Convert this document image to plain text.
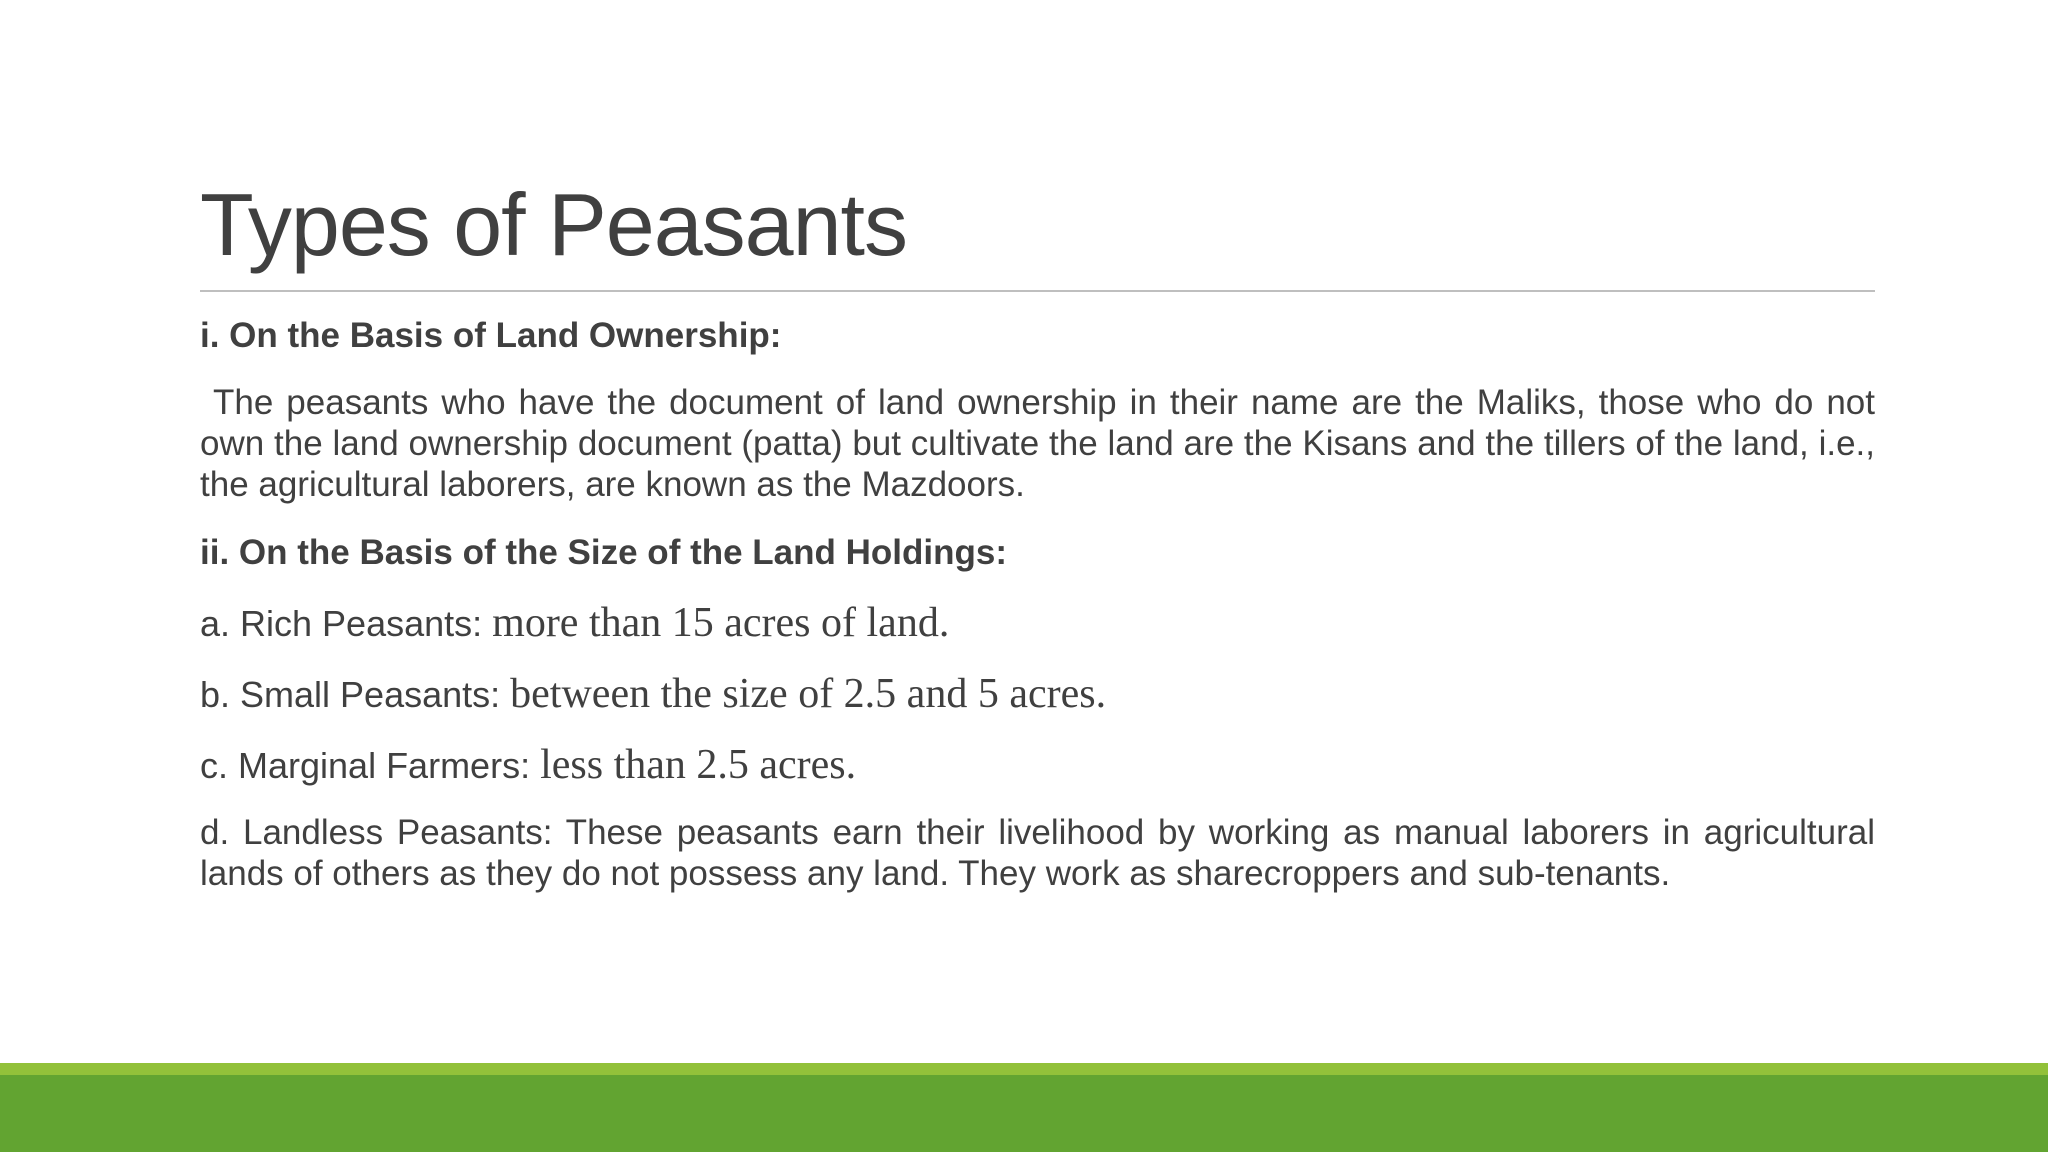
Types of Peasants

i. On the Basis of Land Ownership:

The peasants who have the document of land ownership in their name are the Maliks, those who do not own the land ownership document (patta) but cultivate the land are the Kisans and the tillers of the land, i.e., the agricultural laborers, are known as the Mazdoors.

ii. On the Basis of the Size of the Land Holdings:

a. Rich Peasants: more than 15 acres of land.

b. Small Peasants: between the size of 2.5 and 5 acres.

c. Marginal Farmers: less than 2.5 acres.

d. Landless Peasants: These peasants earn their livelihood by working as manual laborers in agricultural lands of others as they do not possess any land. They work as sharecroppers and sub-tenants.
